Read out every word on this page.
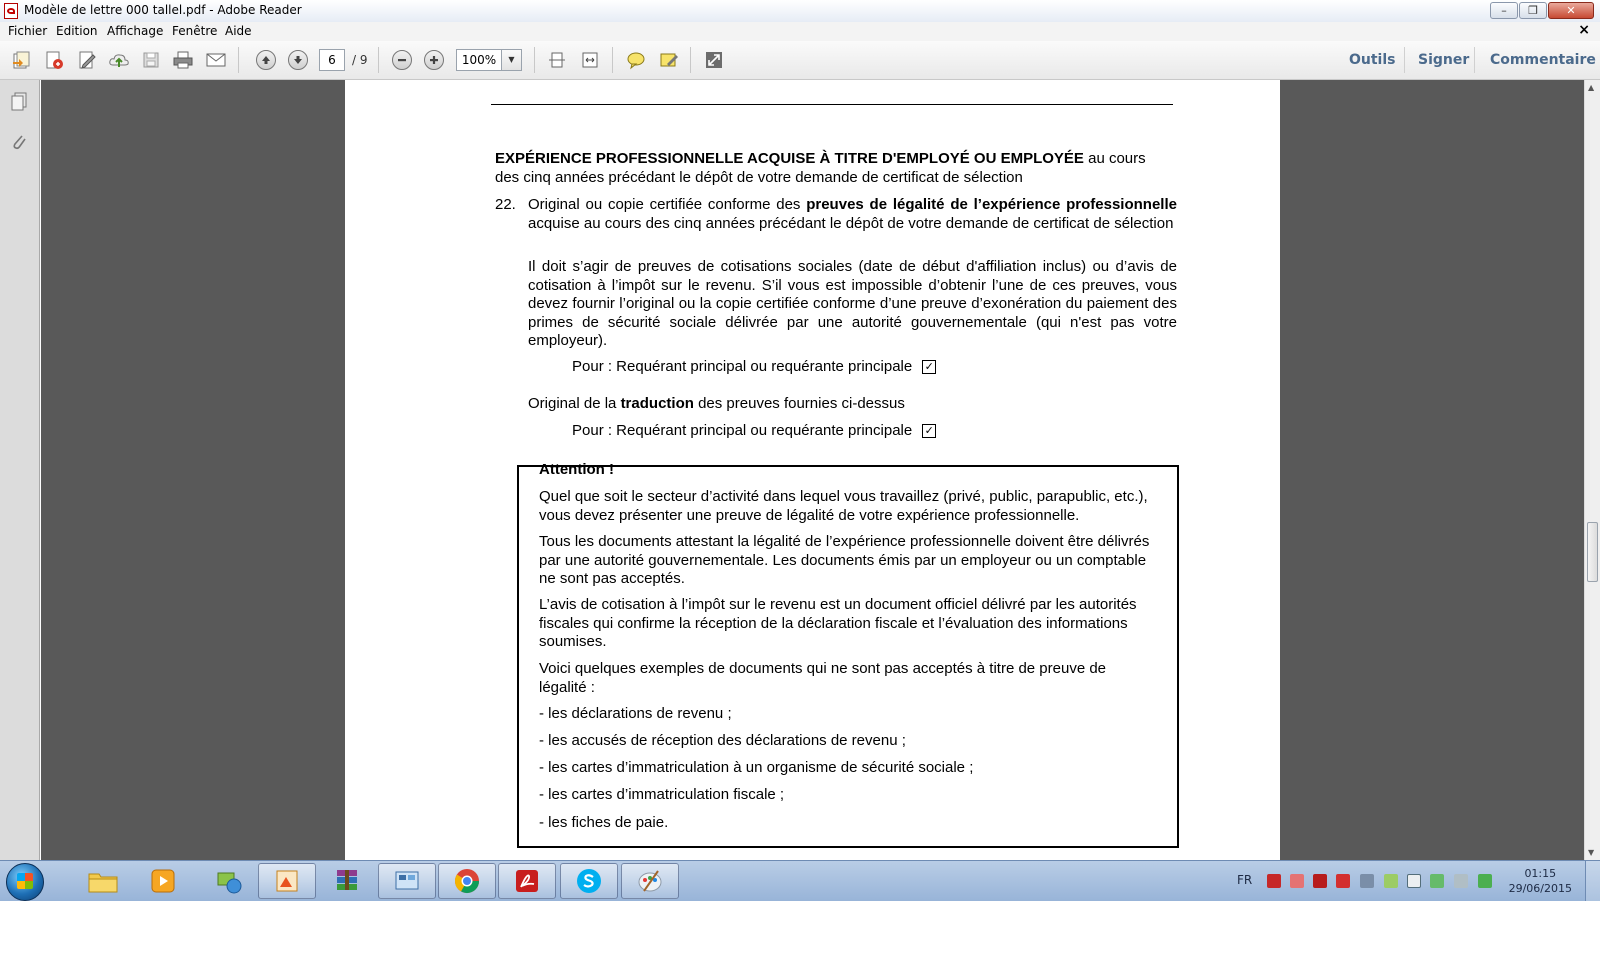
Modèle de lettre 000 tallel.pdf - Adobe Reader	–	❐	✕
Fichier Edition Affichage Fenêtre Aide	×
6	/ 9	100%	▼	Outils Signer Commentaire
EXPÉRIENCE PROFESSIONNELLE ACQUISE À TITRE D'EMPLOYÉ OU EMPLOYÉE au cours
des cinq années précédant le dépôt de votre demande de certificat de sélection
22. Original ou copie certifiée conforme des preuves de légalité de l’expérience professionnelle acquise au cours des cinq années précédant le dépôt de votre demande de certificat de sélection
Il doit s’agir de preuves de cotisations sociales (date de début d'affiliation inclus) ou d’avis de cotisation à l’impôt sur le revenu. S’il vous est impossible d’obtenir l’une de ces preuves, vous devez fournir l’original ou la copie certifiée conforme d’une preuve d’exonération du paiement des primes de sécurité sociale délivrée par une autorité gouvernementale (qui n'est pas votre employeur).
Pour : Requérant principal ou requérante principale ✓
Original de la traduction des preuves fournies ci-dessus
Pour : Requérant principal ou requérante principale ✓
Attention !
Quel que soit le secteur d’activité dans lequel vous travaillez (privé, public, parapublic, etc.), vous devez présenter une preuve de légalité de votre expérience professionnelle.
Tous les documents attestant la légalité de l’expérience professionnelle doivent être délivrés par une autorité gouvernementale. Les documents émis par un employeur ou un comptable ne sont pas acceptés.
L’avis de cotisation à l’impôt sur le revenu est un document officiel délivré par les autorités fiscales qui confirme la réception de la déclaration fiscale et l’évaluation des informations soumises.
Voici quelques exemples de documents qui ne sont pas acceptés à titre de preuve de légalité :
- les déclarations de revenu ;
- les accusés de réception des déclarations de revenu ;
- les cartes d’immatriculation à un organisme de sécurité sociale ;
- les cartes d’immatriculation fiscale ;
- les fiches de paie.
▲
▼
FR	01:15
29/06/2015
